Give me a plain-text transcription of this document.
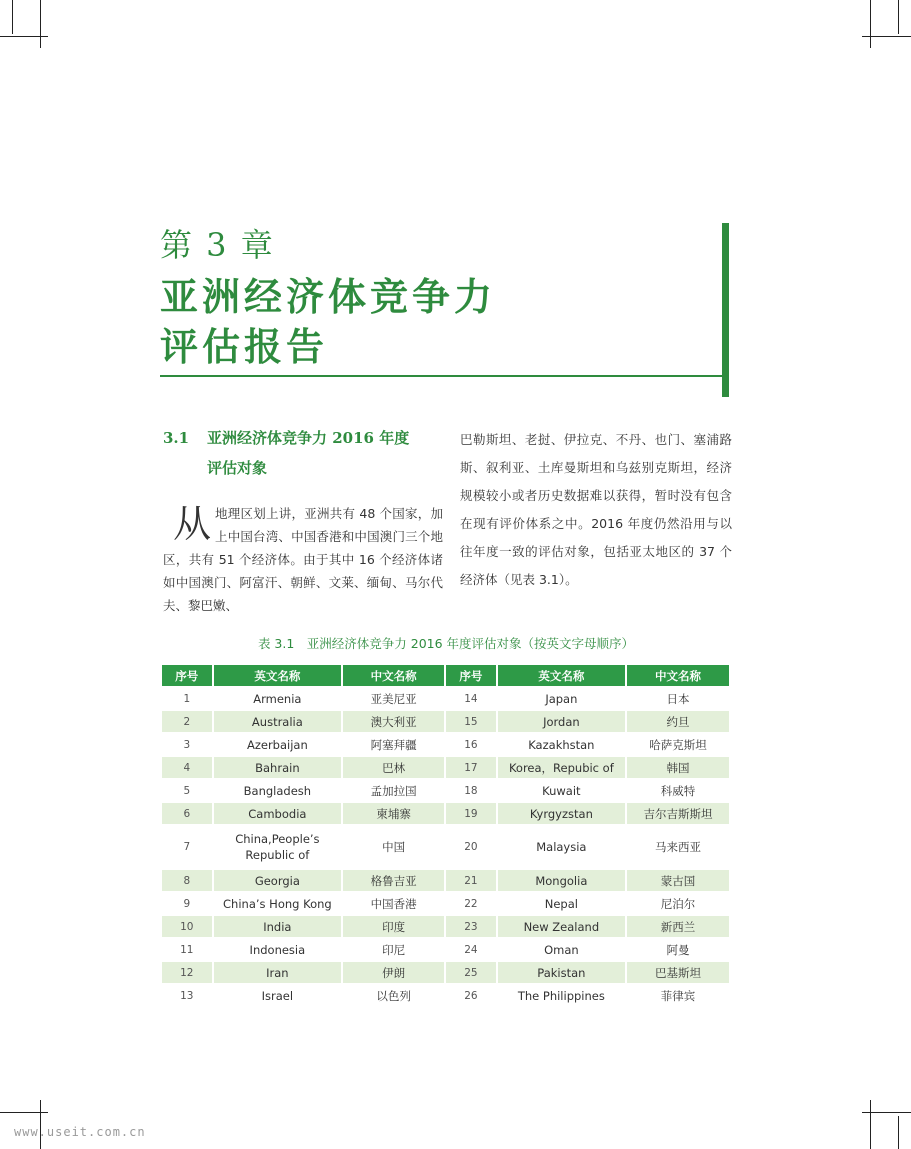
第 3 章
亚洲经济体竞争力
评估报告
3.1 亚洲经济体竞争力 2016 年度
评估对象
从地理区划上讲，亚洲共有 48 个国家，加上中国台湾、中国香港和中国澳门三个地区，共有 51 个经济体。由于其中 16 个经济体诸如中国澳门、阿富汗、朝鲜、文莱、缅甸、马尔代夫、黎巴嫩、
巴勒斯坦、老挝、伊拉克、不丹、也门、塞浦路斯、叙利亚、土库曼斯坦和乌兹别克斯坦，经济规模较小或者历史数据难以获得，暂时没有包含在现有评价体系之中。2016 年度仍然沿用与以往年度一致的评估对象，包括亚太地区的 37 个经济体（见表 3.1）。
表 3.1　亚洲经济体竞争力 2016 年度评估对象（按英文字母顺序）
序号	英文名称	中文名称	序号	英文名称	中文名称
1	Armenia	亚美尼亚	14	Japan	日本
2	Australia	澳大利亚	15	Jordan	约旦
3	Azerbaijan	阿塞拜疆	16	Kazakhstan	哈萨克斯坦
4	Bahrain	巴林	17	Korea，Repubic of	韩国
5	Bangladesh	孟加拉国	18	Kuwait	科威特
6	Cambodia	柬埔寨	19	Kyrgyzstan	吉尔吉斯斯坦
7	China,People’s Republic of	中国	20	Malaysia	马来西亚
8	Georgia	格鲁吉亚	21	Mongolia	蒙古国
9	China’s Hong Kong	中国香港	22	Nepal	尼泊尔
10	India	印度	23	New Zealand	新西兰
11	Indonesia	印尼	24	Oman	阿曼
12	Iran	伊朗	25	Pakistan	巴基斯坦
13	Israel	以色列	26	The Philippines	菲律宾
www.useit.com.cn
